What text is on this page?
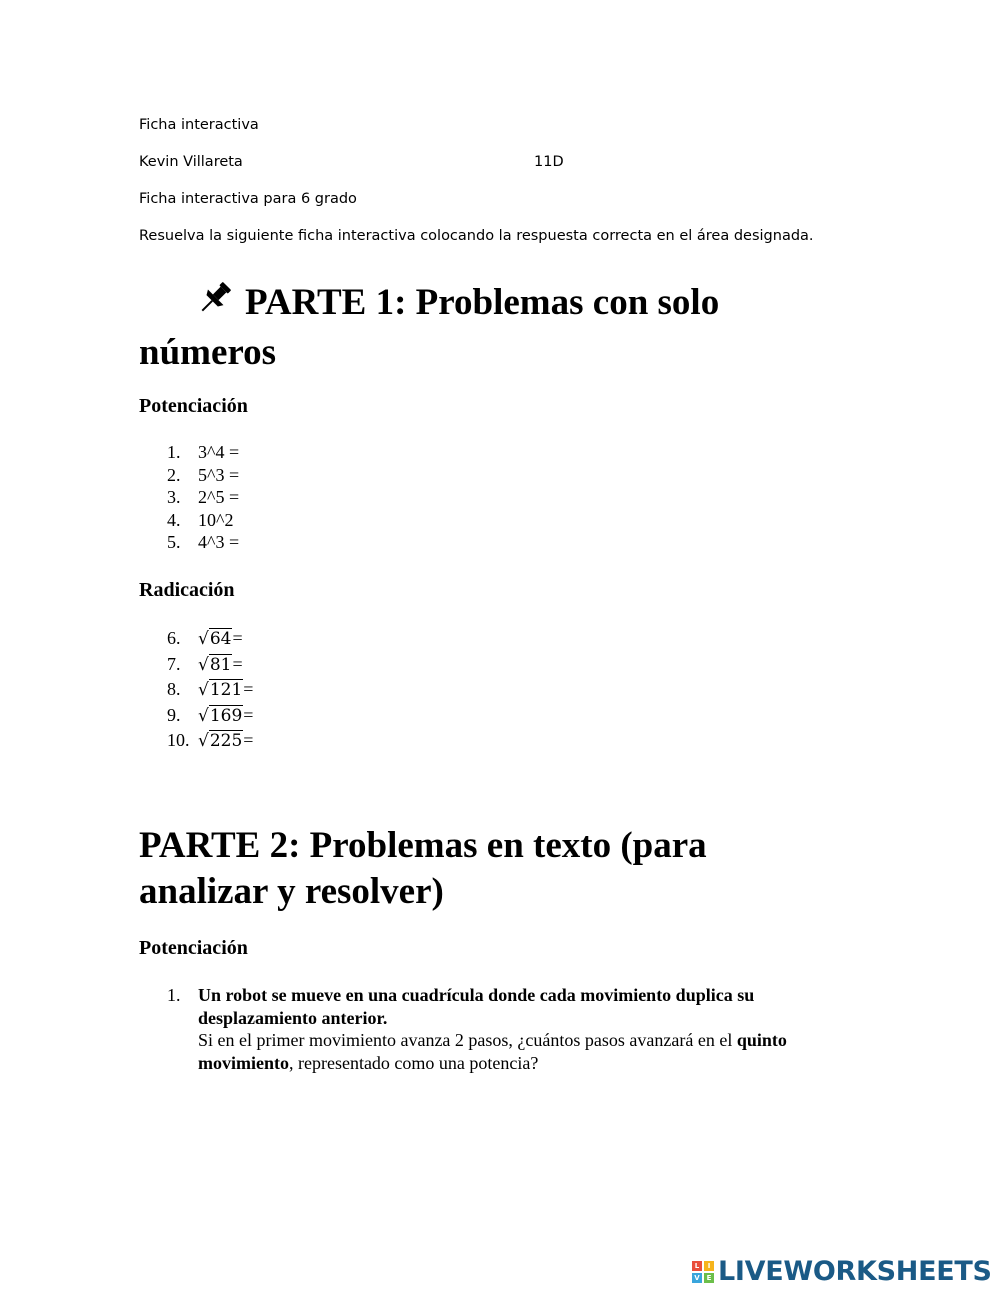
Ficha interactiva
Kevin Villareta	11D
Ficha interactiva para 6 grado
Resuelva la siguiente ficha interactiva colocando la respuesta correcta en el área designada.
PARTE 1: Problemas con solo
números
Potenciación
1. 3^4 =
2. 5^3 =
3. 2^5 =
4. 10^2
5. 4^3 =
Radicación
6. √64=
7. √81=
8. √121=
9. √169=
10. √225=
PARTE 2: Problemas en texto (para
analizar y resolver)
Potenciación
1. Un robot se mueve en una cuadrícula donde cada movimiento duplica su desplazamiento anterior.
Si en el primer movimiento avanza 2 pasos, ¿cuántos pasos avanzará en el quinto movimiento, representado como una potencia?
L	I
V E LIVEWORKSHEETS
